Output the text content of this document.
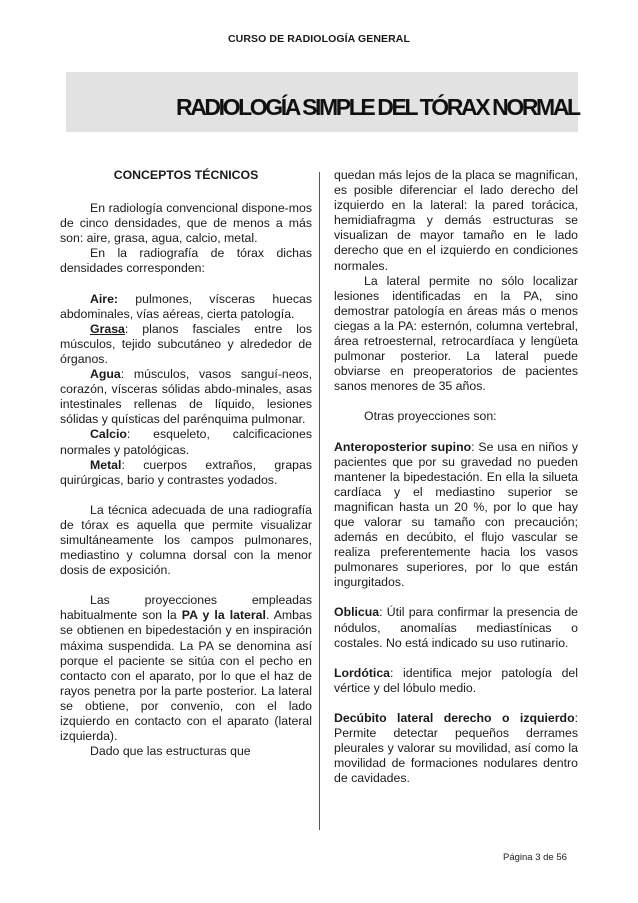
CURSO DE RADIOLOGÍA GENERAL
RADIOLOGÍA SIMPLE DEL TÓRAX NORMAL
CONCEPTOS TÉCNICOS

En radiología convencional dispone-mos de cinco densidades, que de menos a más son: aire, grasa, agua, calcio, metal.

En la radiografía de tórax dichas densidades corresponden:

Aire: pulmones, vísceras huecas abdominales, vías aéreas, cierta patología.

Grasa: planos fasciales entre los músculos, tejido subcutáneo y alrededor de órganos.

Agua: músculos, vasos sanguí-neos, corazón, vísceras sólidas abdo-minales, asas intestinales rellenas de líquido, lesiones sólidas y quísticas del parénquima pulmonar.

Calcio: esqueleto, calcificaciones normales y patológicas.

Metal: cuerpos extraños, grapas quirúrgicas, bario y contrastes yodados.

La técnica adecuada de una radiografía de tórax es aquella que permite visualizar simultáneamente los campos pulmonares, mediastino y columna dorsal con la menor dosis de exposición.

Las proyecciones empleadas habitualmente son la PA y la lateral. Ambas se obtienen en bipedestación y en inspiración máxima suspendida. La PA se denomina así porque el paciente se sitúa con el pecho en contacto con el aparato, por lo que el haz de rayos penetra por la parte posterior. La lateral se obtiene, por convenio, con el lado izquierdo en contacto con el aparato (lateral izquierda).

Dado que las estructuras que

quedan más lejos de la placa se magnifican, es posible diferenciar el lado derecho del izquierdo en la lateral: la pared torácica, hemidiafragma y demás estructuras se visualizan de mayor tamaño en le lado derecho que en el izquierdo en condiciones normales.

La lateral permite no sólo localizar lesiones identificadas en la PA, sino demostrar patología en áreas más o menos ciegas a la PA: esternón, columna vertebral, área retroesternal, retrocardíaca y lengüeta pulmonar posterior. La lateral puede obviarse en preoperatorios de pacientes sanos menores de 35 años.

Otras proyecciones son:

Anteroposterior supino: Se usa en niños y pacientes que por su gravedad no pueden mantener la bipedestación. En ella la silueta cardíaca y el mediastino superior se magnifican hasta un 20 %, por lo que hay que valorar su tamaño con precaución; además en decúbito, el flujo vascular se realiza preferentemente hacia los vasos pulmonares superiores, por lo que están ingurgitados.

Oblicua: Útil para confirmar la presencia de nódulos, anomalías mediastínicas o costales. No está indicado su uso rutinario.

Lordótica: identifica mejor patología del vértice y del lóbulo medio.

Decúbito lateral derecho o izquierdo: Permite detectar pequeños derrames pleurales y valorar su movilidad, así como la movilidad de formaciones nodulares dentro de cavidades.

Página 3 de 56
